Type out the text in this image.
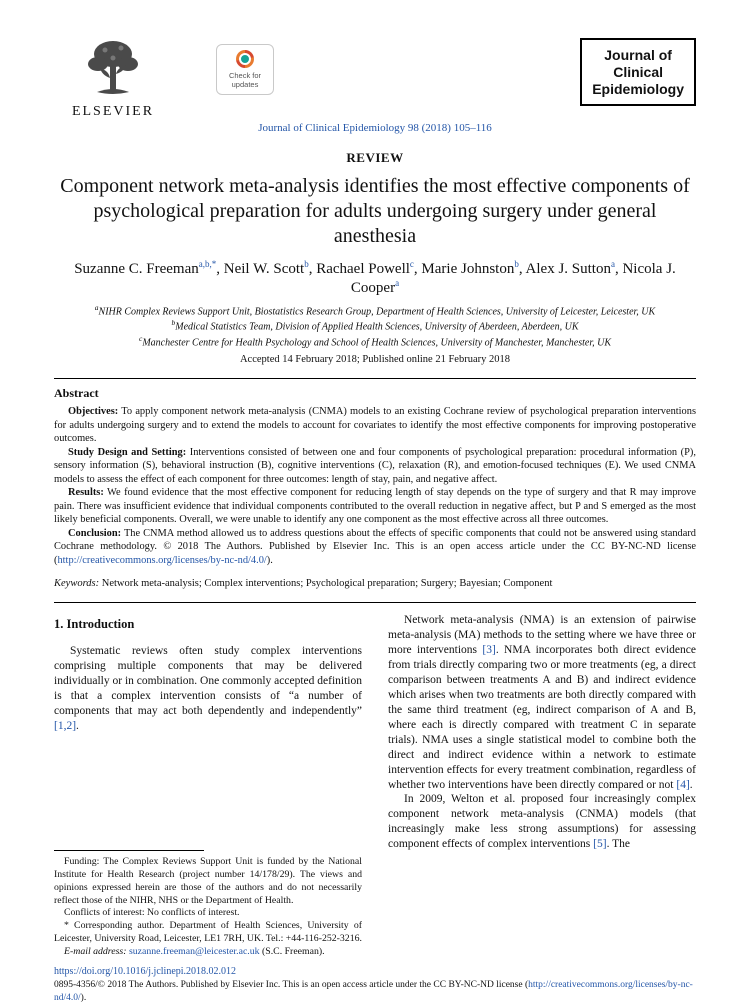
ELSEVIER
Check for
updates
Journal of
Clinical
Epidemiology
Journal of Clinical Epidemiology 98 (2018) 105–116
REVIEW
Component network meta-analysis identifies the most effective components of psychological preparation for adults undergoing surgery under general anesthesia
Suzanne C. Freeman$^{a,b,*}$, Neil W. Scott$^b$, Rachael Powell$^c$, Marie Johnston$^b$, Alex J. Sutton$^a$, Nicola J. Cooper$^a$
$^a$NIHR Complex Reviews Support Unit, Biostatistics Research Group, Department of Health Sciences, University of Leicester, Leicester, UK
$^b$Medical Statistics Team, Division of Applied Health Sciences, University of Aberdeen, Aberdeen, UK
$^c$Manchester Centre for Health Psychology and School of Health Sciences, University of Manchester, Manchester, UK
Accepted 14 February 2018; Published online 21 February 2018
Abstract

Objectives: To apply component network meta-analysis (CNMA) models to an existing Cochrane review of psychological preparation interventions for adults undergoing surgery and to extend the models to account for covariates to identify the most effective components for improving postoperative outcomes.

Study Design and Setting: Interventions consisted of between one and four components of psychological preparation: procedural information (P), sensory information (S), behavioral instruction (B), cognitive interventions (C), relaxation (R), and emotion-focused techniques (E). We used CNMA models to assess the effect of each component for three outcomes: length of stay, pain, and negative affect.

Results: We found evidence that the most effective component for reducing length of stay depends on the type of surgery and that R may improve pain. There was insufficient evidence that individual components contributed to the overall reduction in negative affect, but P and S emerged as the most likely beneficial components. Overall, we were unable to identify any one component as the most effective across all three outcomes.

Conclusion: The CNMA method allowed us to address questions about the effects of specific components that could not be answered using standard Cochrane methodology. © 2018 The Authors. Published by Elsevier Inc. This is an open access article under the CC BY-NC-ND license (http://creativecommons.org/licenses/by-nc-nd/4.0/).

Keywords: Network meta-analysis; Complex interventions; Psychological preparation; Surgery; Bayesian; Component

1. Introduction

Systematic reviews often study complex interventions comprising multiple components that may be delivered individually or in combination. One commonly accepted definition is that a complex intervention consists of “a number of components that may act both dependently and independently” [1,2].

Funding: The Complex Reviews Support Unit is funded by the National Institute for Health Research (project number 14/178/29). The views and opinions expressed herein are those of the authors and do not necessarily reflect those of the NIHR, NHS or the Department of Health.

Conflicts of interest: No conflicts of interest.

* Corresponding author. Department of Health Sciences, University of Leicester, University Road, Leicester, LE1 7RH, UK. Tel.: +44-116-252-3216.

E-mail address: suzanne.freeman@leicester.ac.uk (S.C. Freeman).

Network meta-analysis (NMA) is an extension of pairwise meta-analysis (MA) methods to the setting where we have three or more interventions [3]. NMA incorporates both direct evidence from trials directly comparing two or more treatments (eg, a direct comparison between treatments A and B) and indirect evidence which arises when two treatments are both directly compared with the same third treatment (eg, indirect comparison of A and B, where each is directly compared with treatment C in separate trials). NMA uses a single statistical model to combine both the direct and indirect evidence within a network to estimate intervention effects for every treatment combination, regardless of whether two interventions have been directly compared or not [4].

In 2009, Welton et al. proposed four increasingly complex component network meta-analysis (CNMA) models (that increasingly make less strong assumptions) for assessing component effects of complex interventions [5]. The

https://doi.org/10.1016/j.jclinepi.2018.02.012

0895-4356/© 2018 The Authors. Published by Elsevier Inc. This is an open access article under the CC BY-NC-ND license (http://creativecommons.org/licenses/by-nc-nd/4.0/).
